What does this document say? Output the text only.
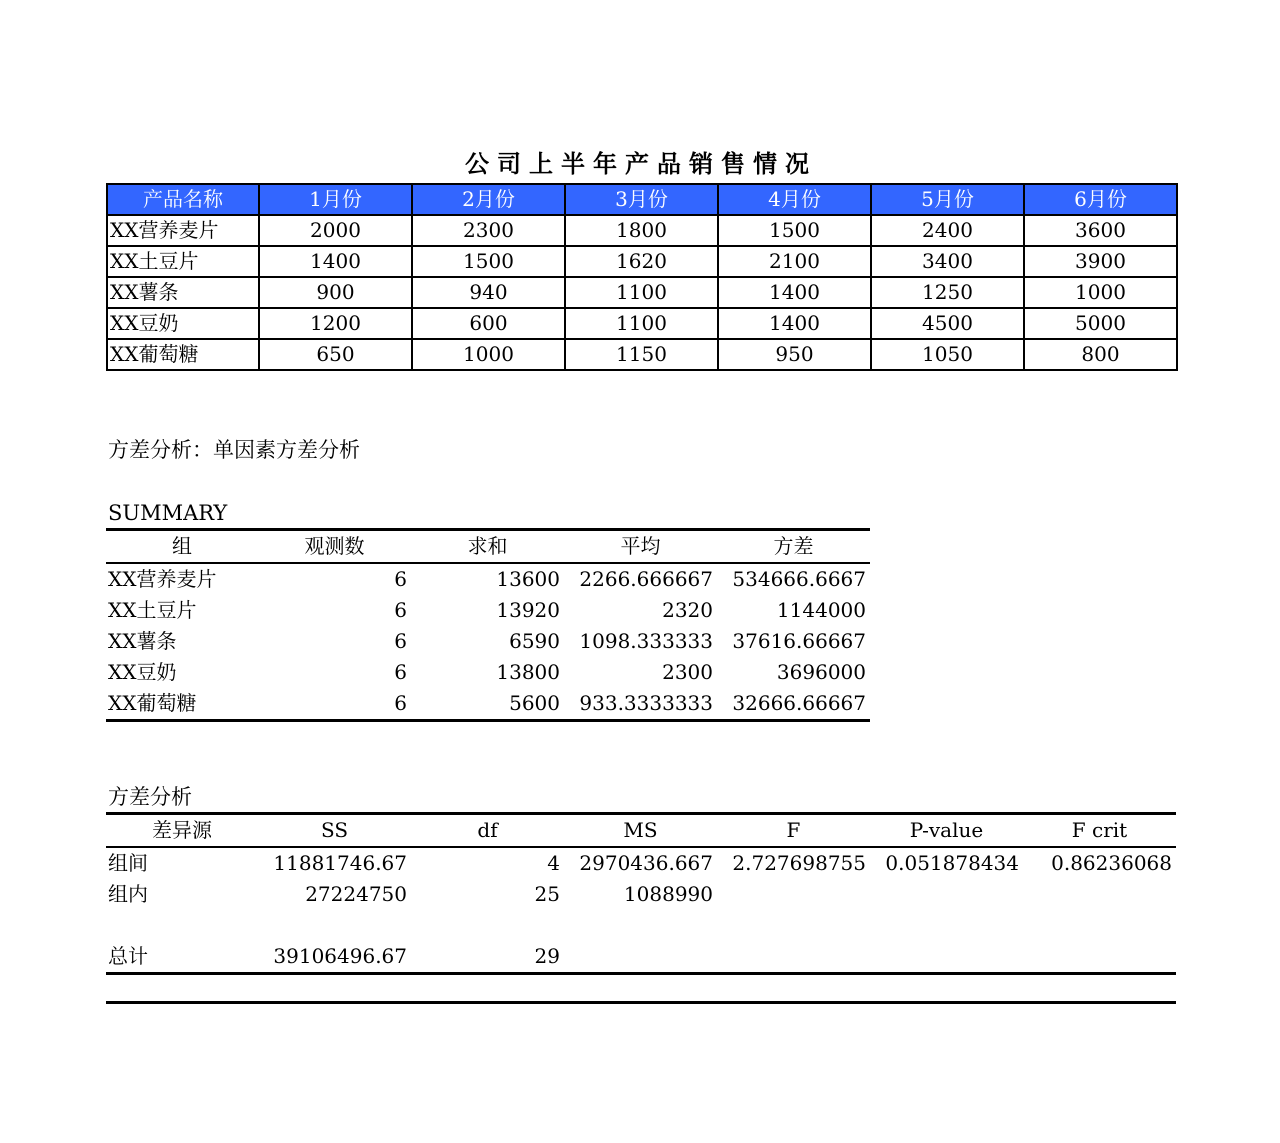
公司上半年产品销售情况
产品名称	1月份	2月份	3月份	4月份	5月份	6月份
XX营养麦片	2000	2300	1800	1500	2400	3600
XX土豆片	1400	1500	1620	2100	3400	3900
XX薯条	900	940	1100	1400	1250	1000
XX豆奶	1200	600	1100	1400	4500	5000
XX葡萄糖	650	1000	1150	950	1050	800
方差分析：单因素方差分析
SUMMARY
组	观测数	求和	平均	方差
XX营养麦片	6	13600	2266.666667	534666.6667
XX土豆片	6	13920	2320	1144000
XX薯条	6	6590	1098.333333	37616.66667
XX豆奶	6	13800	2300	3696000
XX葡萄糖	6	5600	933.3333333	32666.66667
方差分析
差异源	SS	df	MS	F	P-value	F crit
组间	11881746.67	4	2970436.667	2.727698755	0.051878434	0.86236068
组内	27224750	25	1088990			

总计	39106496.67	29				
